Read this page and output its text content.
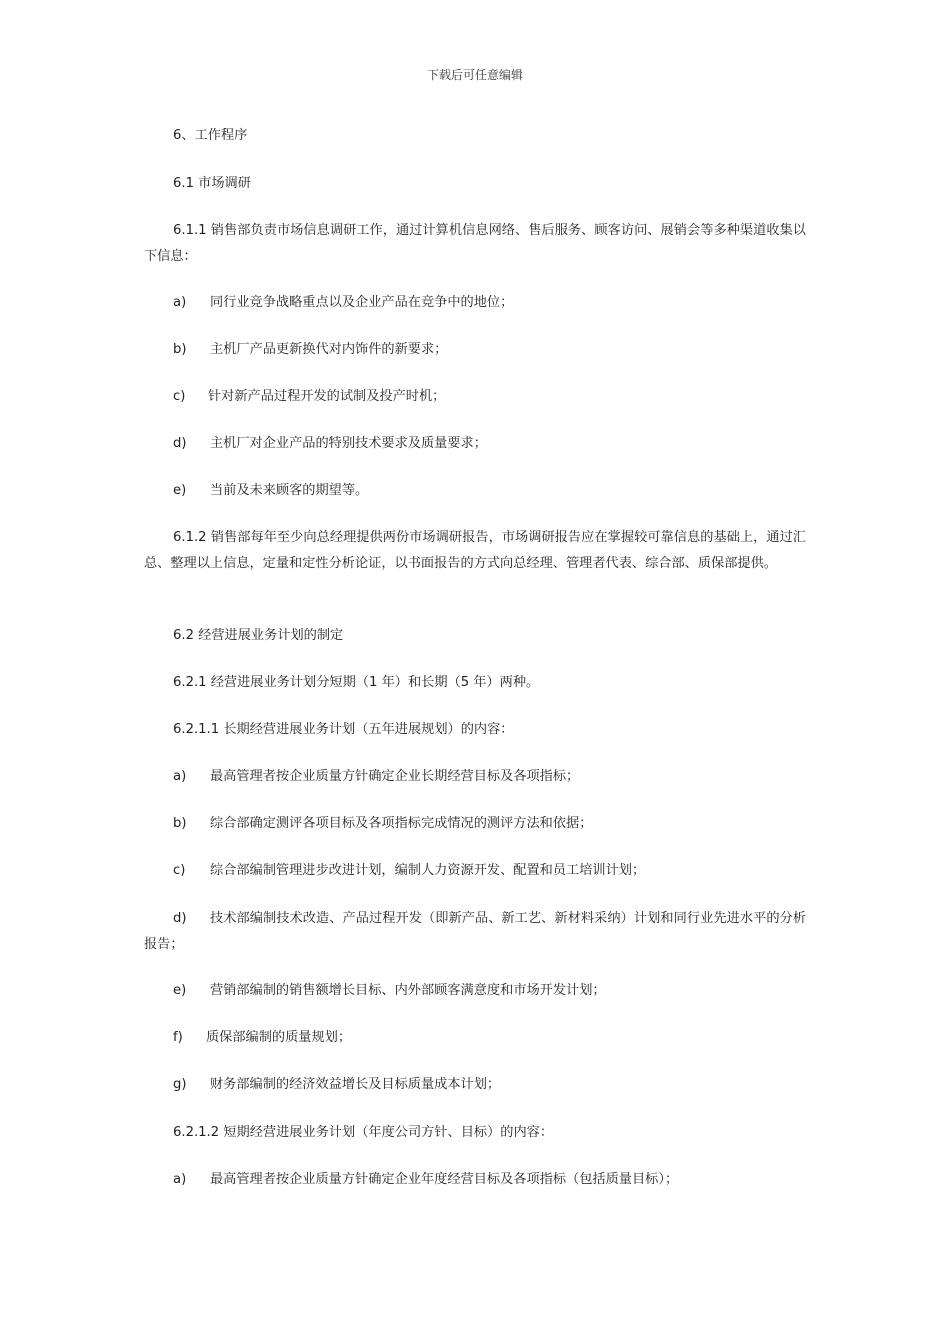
下载后可任意编辑

6、工作程序

6.1 市场调研

6.1.1 销售部负责市场信息调研工作，通过计算机信息网络、售后服务、顾客访问、展销会等多种渠道收集以下信息：

a) 同行业竞争战略重点以及企业产品在竞争中的地位；
b) 主机厂产品更新换代对内饰件的新要求；
c) 针对新产品过程开发的试制及投产时机；
d) 主机厂对企业产品的特别技术要求及质量要求；
e) 当前及未来顾客的期望等。

6.1.2 销售部每年至少向总经理提供两份市场调研报告，市场调研报告应在掌握较可靠信息的基础上，通过汇总、整理以上信息，定量和定性分析论证，以书面报告的方式向总经理、管理者代表、综合部、质保部提供。

6.2 经营进展业务计划的制定

6.2.1 经营进展业务计划分短期（1 年）和长期（5 年）两种。

6.2.1.1 长期经营进展业务计划（五年进展规划）的内容：

a) 最高管理者按企业质量方针确定企业长期经营目标及各项指标；
b) 综合部确定测评各项目标及各项指标完成情况的测评方法和依据；
c) 综合部编制管理进步改进计划，编制人力资源开发、配置和员工培训计划；
d) 技术部编制技术改造、产品过程开发（即新产品、新工艺、新材料采纳）计划和同行业先进水平的分析报告；
e) 营销部编制的销售额增长目标、内外部顾客满意度和市场开发计划；
f) 质保部编制的质量规划；
g) 财务部编制的经济效益增长及目标质量成本计划；

6.2.1.2 短期经营进展业务计划（年度公司方针、目标）的内容：

a) 最高管理者按企业质量方针确定企业年度经营目标及各项指标（包括质量目标）；
